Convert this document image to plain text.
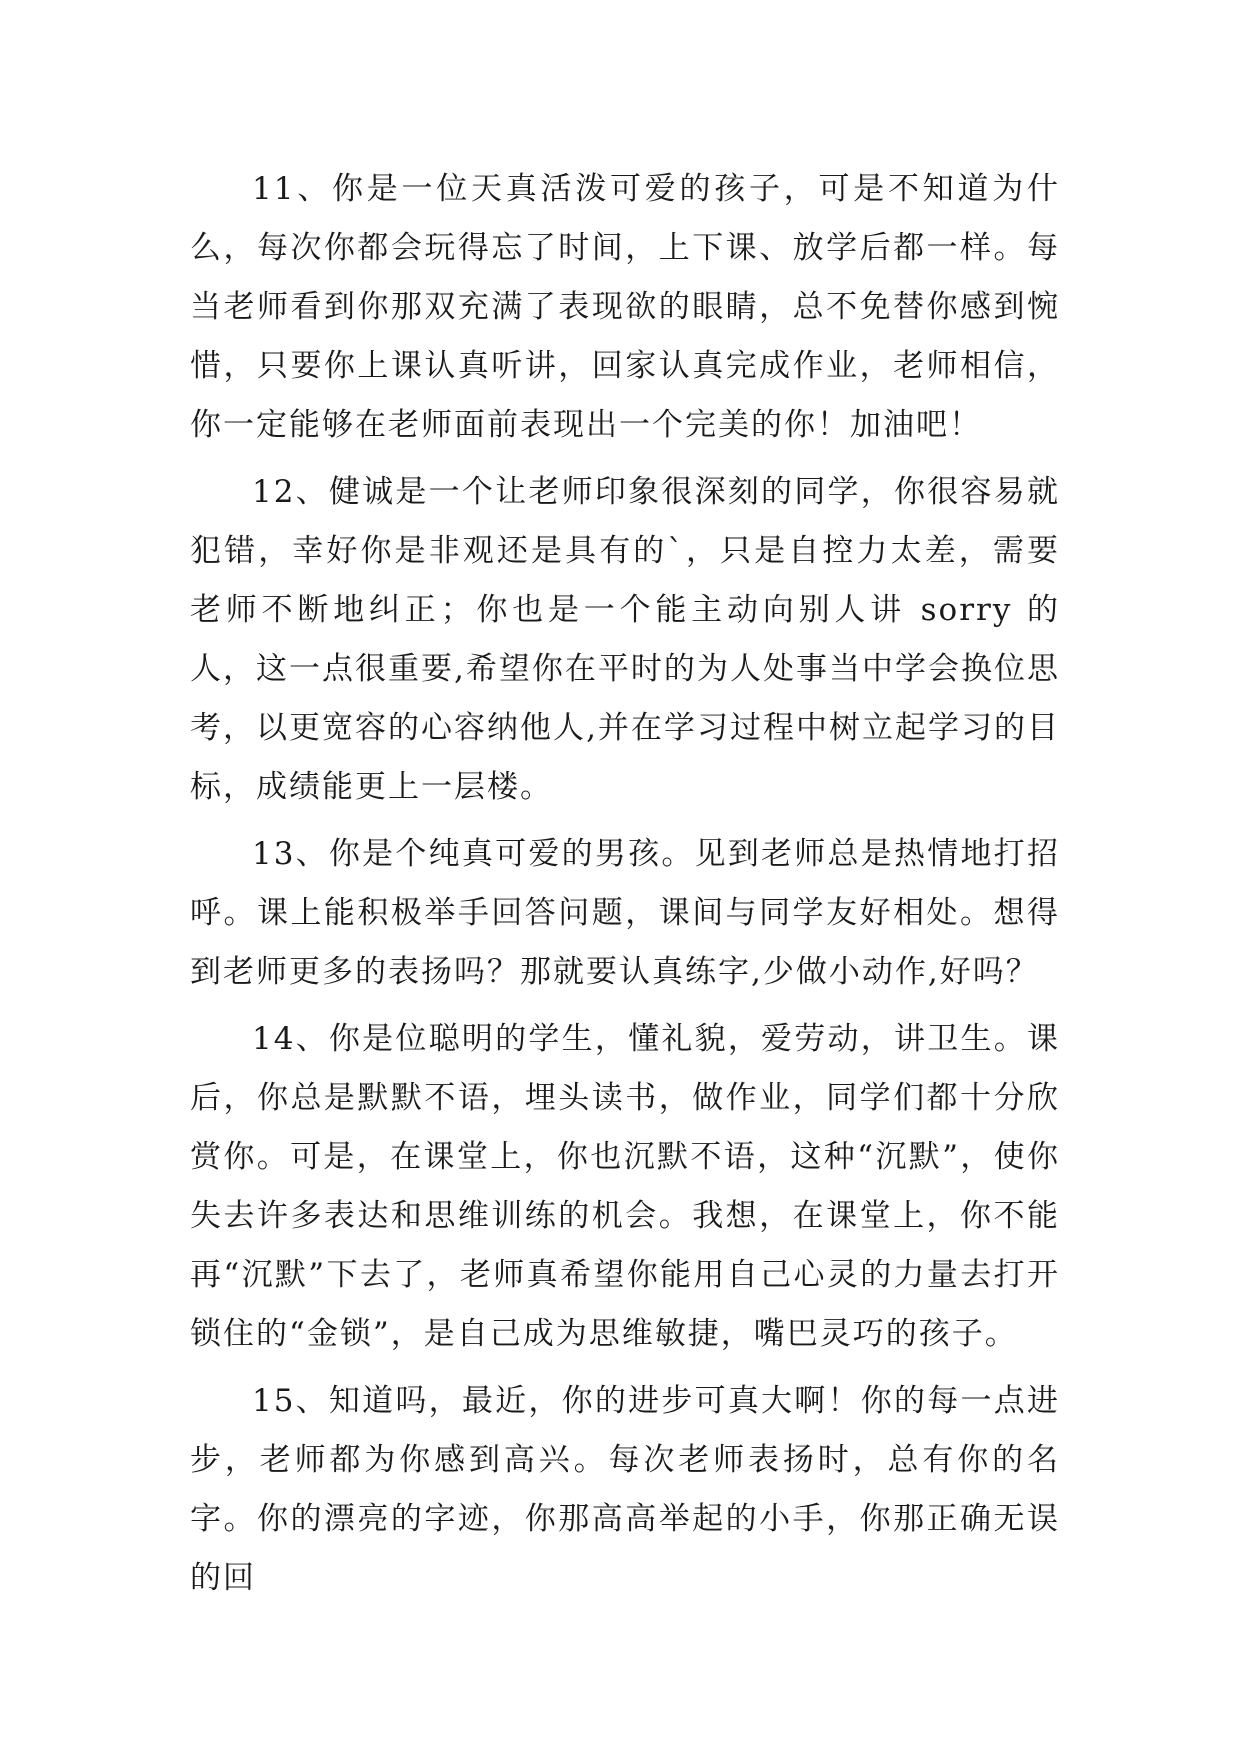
11、你是一位天真活泼可爱的孩子，可是不知道为什么，每次你都会玩得忘了时间，上下课、放学后都一样。每当老师看到你那双充满了表现欲的眼睛，总不免替你感到惋惜，只要你上课认真听讲，回家认真完成作业，老师相信，你一定能够在老师面前表现出一个完美的你！加油吧！

12、健诚是一个让老师印象很深刻的同学，你很容易就犯错，幸好你是非观还是具有的`，只是自控力太差，需要老师不断地纠正；你也是一个能主动向别人讲 sorry 的人，这一点很重要,希望你在平时的为人处事当中学会换位思考，以更宽容的心容纳他人,并在学习过程中树立起学习的目标，成绩能更上一层楼。

13、你是个纯真可爱的男孩。见到老师总是热情地打招呼。课上能积极举手回答问题，课间与同学友好相处。想得到老师更多的表扬吗？那就要认真练字,少做小动作,好吗？

14、你是位聪明的学生，懂礼貌，爱劳动，讲卫生。课后，你总是默默不语，埋头读书，做作业，同学们都十分欣赏你。可是，在课堂上，你也沉默不语，这种“沉默”，使你失去许多表达和思维训练的机会。我想，在课堂上，你不能再“沉默”下去了，老师真希望你能用自己心灵的力量去打开锁住的“金锁”，是自己成为思维敏捷，嘴巴灵巧的孩子。

15、知道吗，最近，你的进步可真大啊！你的每一点进步，老师都为你感到高兴。每次老师表扬时，总有你的名字。你的漂亮的字迹，你那高高举起的小手，你那正确无误的回
